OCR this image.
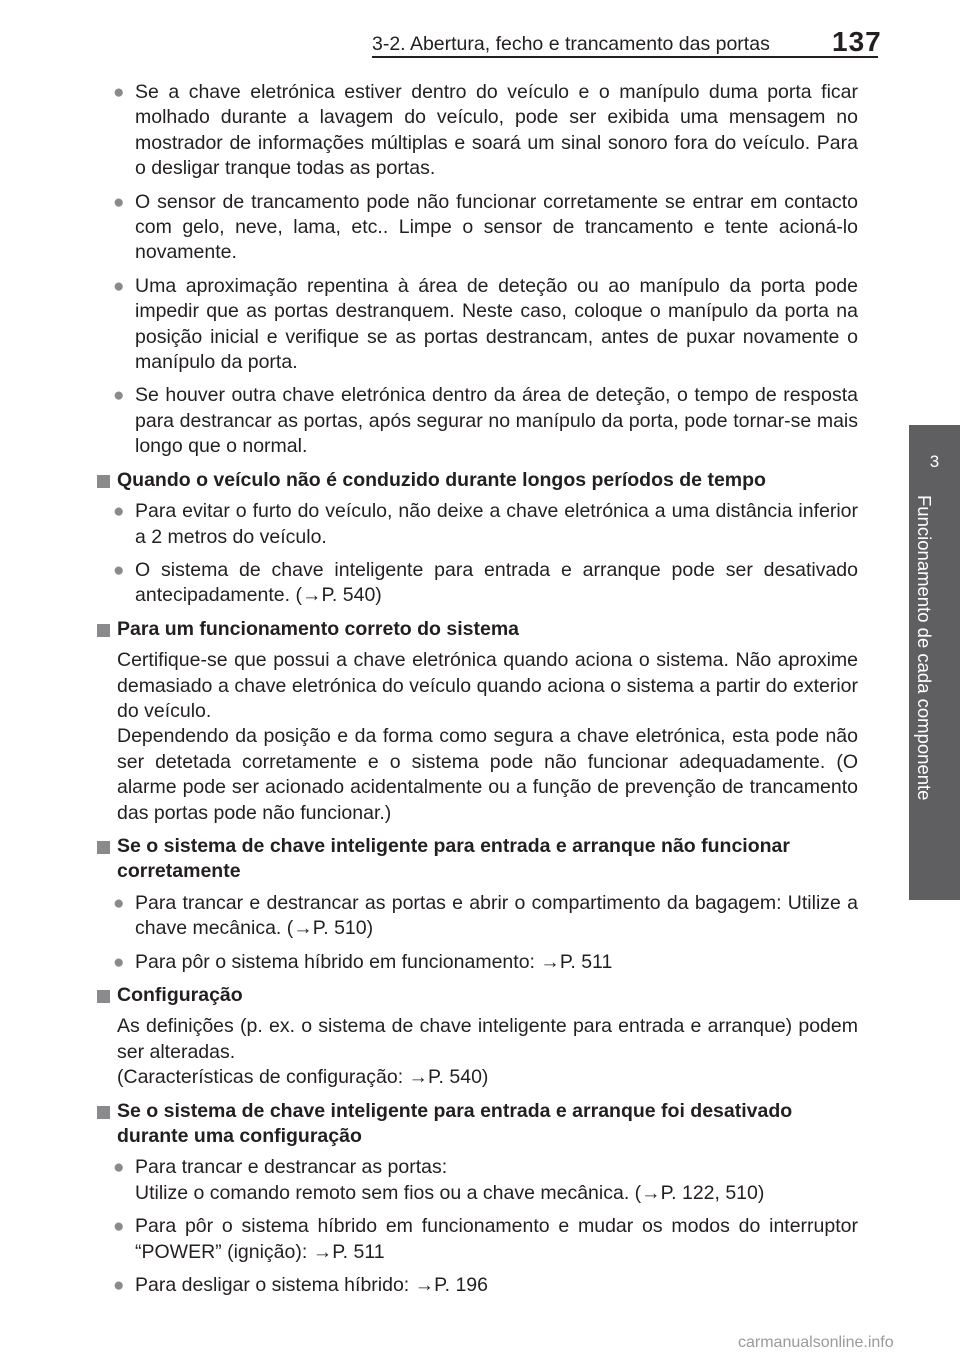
3-2. Abertura, fecho e trancamento das portas 137
3
Funcionamento de cada componente
● Se a chave eletrónica estiver dentro do veículo e o manípulo duma porta ficar molhado durante a lavagem do veículo, pode ser exibida uma mensagem no mostrador de informações múltiplas e soará um sinal sonoro fora do veículo. Para o desligar tranque todas as portas.
● O sensor de trancamento pode não funcionar corretamente se entrar em contacto com gelo, neve, lama, etc.. Limpe o sensor de trancamento e tente acioná-lo novamente.
● Uma aproximação repentina à área de deteção ou ao manípulo da porta pode impedir que as portas destranquem. Neste caso, coloque o manípulo da porta na posição inicial e verifique se as portas destrancam, antes de puxar novamente o manípulo da porta.
● Se houver outra chave eletrónica dentro da área de deteção, o tempo de resposta para destrancar as portas, após segurar no manípulo da porta, pode tornar-se mais longo que o normal.
Quando o veículo não é conduzido durante longos períodos de tempo
● Para evitar o furto do veículo, não deixe a chave eletrónica a uma distância inferior a 2 metros do veículo.
● O sistema de chave inteligente para entrada e arranque pode ser desativado antecipadamente. (→P. 540)
Para um funcionamento correto do sistema
Certifique-se que possui a chave eletrónica quando aciona o sistema. Não aproxime demasiado a chave eletrónica do veículo quando aciona o sistema a partir do exterior do veículo.
Dependendo da posição e da forma como segura a chave eletrónica, esta pode não ser detetada corretamente e o sistema pode não funcionar adequadamente. (O alarme pode ser acionado acidentalmente ou a função de prevenção de trancamento das portas pode não funcionar.)
Se o sistema de chave inteligente para entrada e arranque não funcionar corretamente
● Para trancar e destrancar as portas e abrir o compartimento da bagagem: Utilize a chave mecânica. (→P. 510)
● Para pôr o sistema híbrido em funcionamento: →P. 511
Configuração
As definições (p. ex. o sistema de chave inteligente para entrada e arranque) podem ser alteradas.
(Características de configuração: →P. 540)
Se o sistema de chave inteligente para entrada e arranque foi desativado durante uma configuração
● Para trancar e destrancar as portas:
Utilize o comando remoto sem fios ou a chave mecânica. (→P. 122, 510)
● Para pôr o sistema híbrido em funcionamento e mudar os modos do interruptor “POWER” (ignição): →P. 511
● Para desligar o sistema híbrido: →P. 196
carmanualsonline.info
